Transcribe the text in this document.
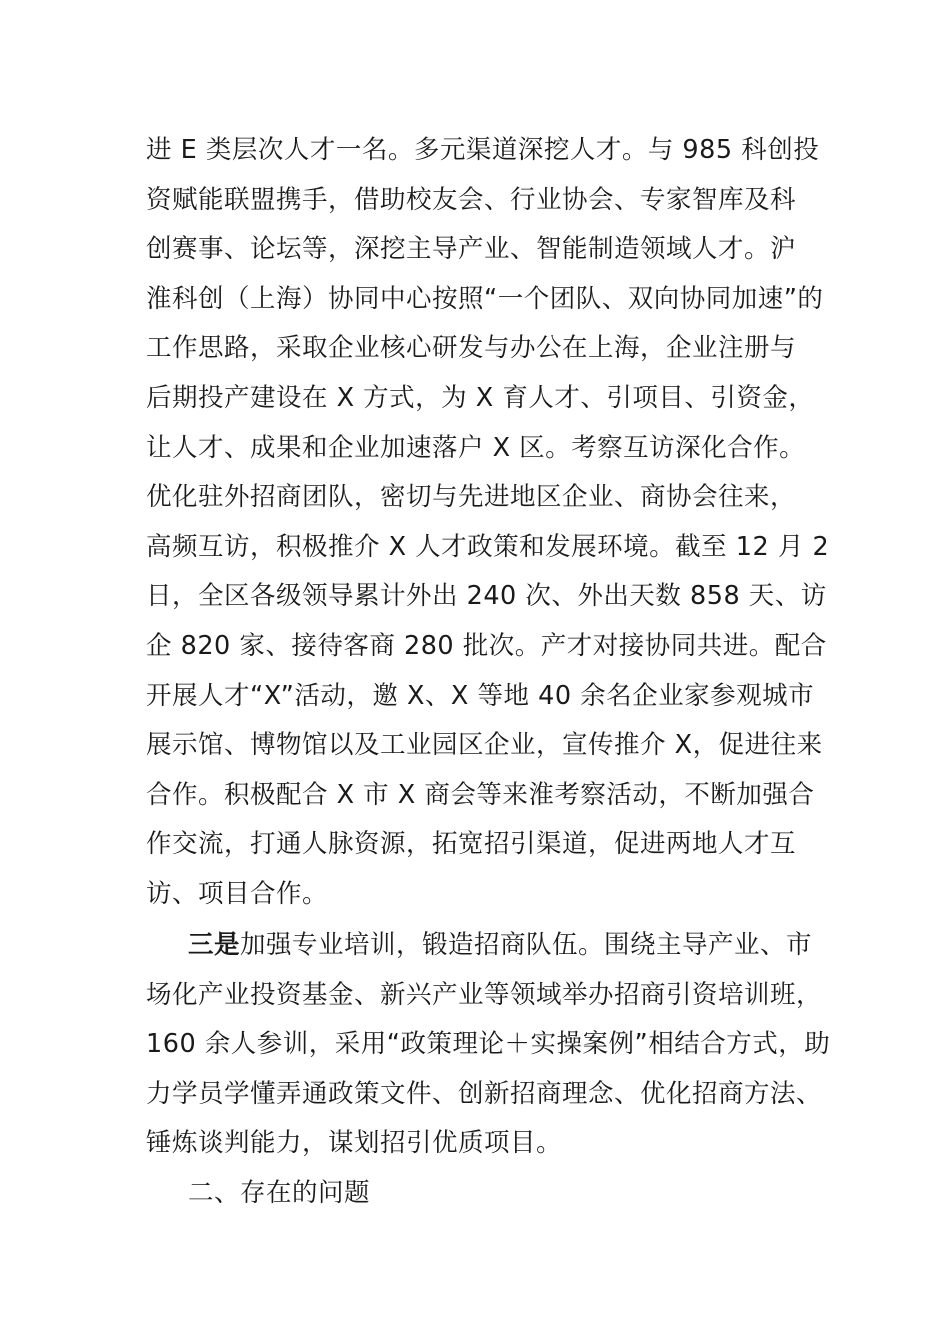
进 E 类层次人才一名。多元渠道深挖人才。与 985 科创投
资赋能联盟携手，借助校友会、行业协会、专家智库及科
创赛事、论坛等，深挖主导产业、智能制造领域人才。沪
淮科创（上海）协同中心按照“一个团队、双向协同加速”的
工作思路，采取企业核心研发与办公在上海，企业注册与
后期投产建设在 X 方式，为 X 育人才、引项目、引资金，
让人才、成果和企业加速落户 X 区。考察互访深化合作。
优化驻外招商团队，密切与先进地区企业、商协会往来，
高频互访，积极推介 X 人才政策和发展环境。截至 12 月 2
日，全区各级领导累计外出 240 次、外出天数 858 天、访
企 820 家、接待客商 280 批次。产才对接协同共进。配合
开展人才“X”活动，邀 X、X 等地 40 余名企业家参观城市
展示馆、博物馆以及工业园区企业，宣传推介 X，促进往来
合作。积极配合 X 市 X 商会等来淮考察活动，不断加强合
作交流，打通人脉资源，拓宽招引渠道，促进两地人才互
访、项目合作。
三是加强专业培训，锻造招商队伍。围绕主导产业、市
场化产业投资基金、新兴产业等领域举办招商引资培训班，
160 余人参训，采用“政策理论＋实操案例”相结合方式，助
力学员学懂弄通政策文件、创新招商理念、优化招商方法、
锤炼谈判能力，谋划招引优质项目。
二、存在的问题
